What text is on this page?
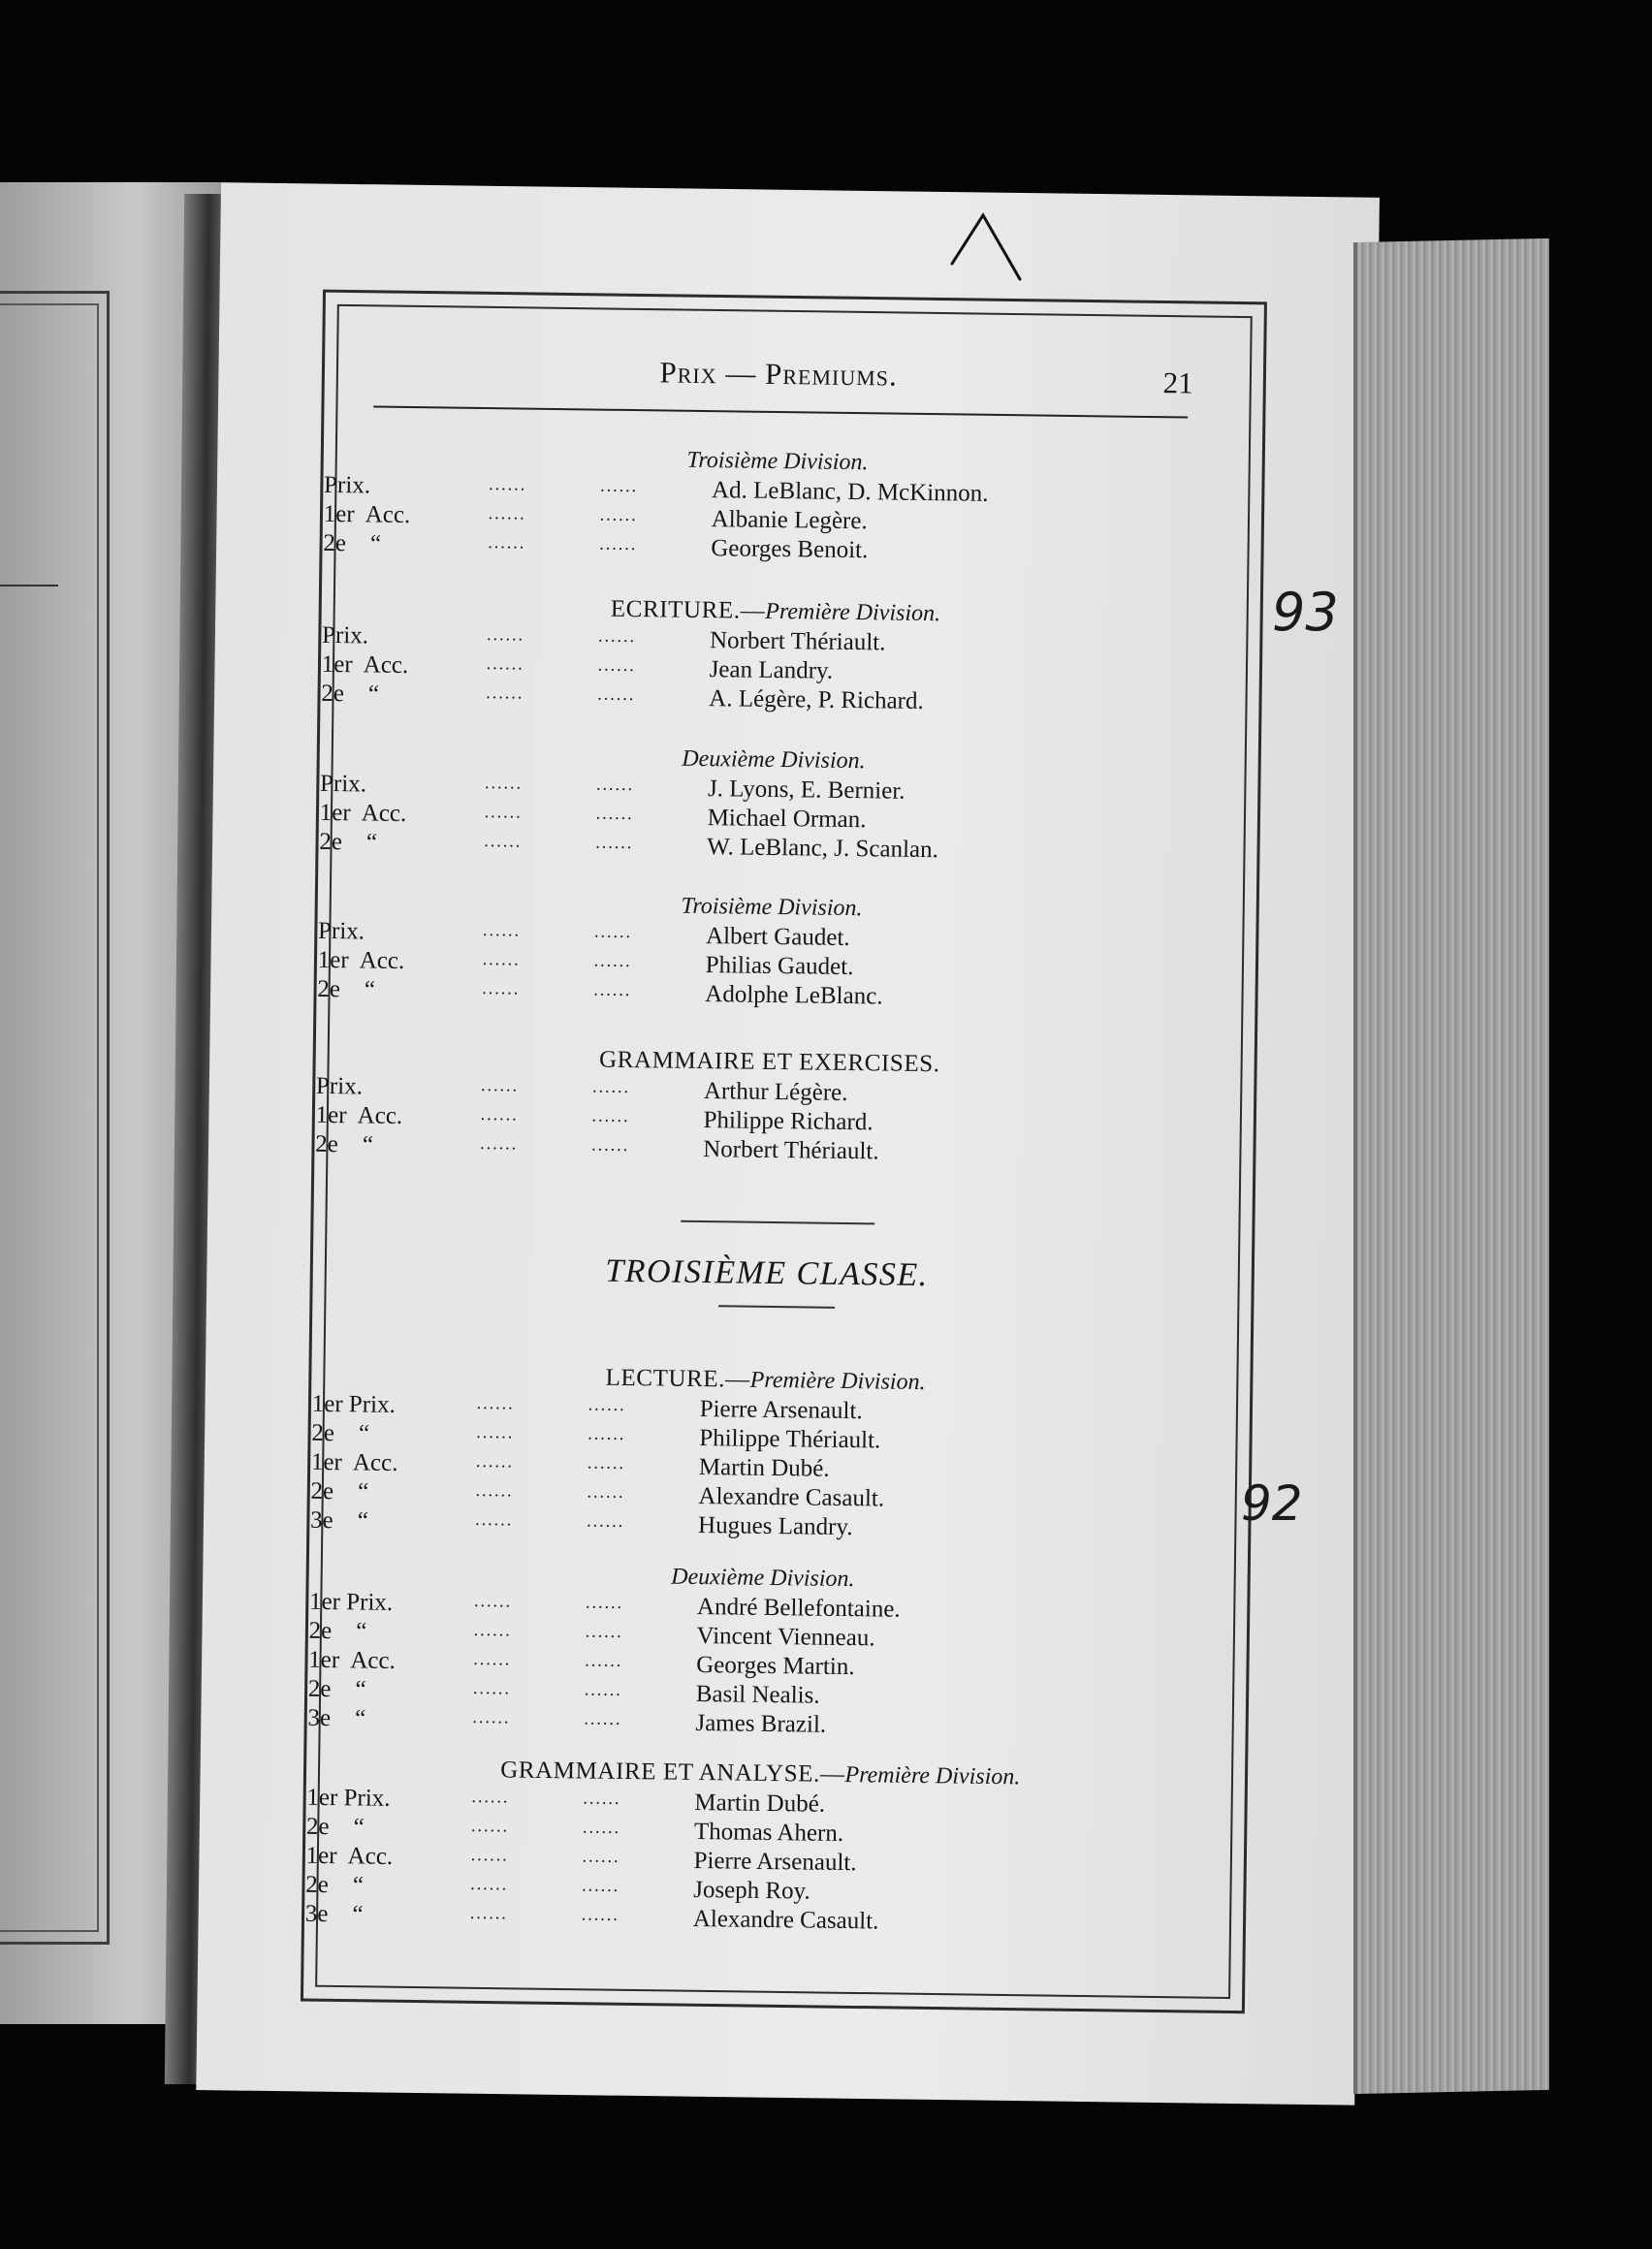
93
92
Prix — Premiums.	21
Troisième Division.
Prix.	......	......	Ad. LeBlanc, D. McKinnon.
1er  Acc.	......	......	Albanie Legère.
2e    “	......	......	Georges Benoit.
ECRITURE.—Première Division.
Prix.	......	......	Norbert Thériault.
1er  Acc.	......	......	Jean Landry.
2e    “	......	......	A. Légère, P. Richard.
Deuxième Division.
Prix.	......	......	J. Lyons, E. Bernier.
1er  Acc.	......	......	Michael Orman.
2e    “	......	......	W. LeBlanc, J. Scanlan.
Troisième Division.
Prix.	......	......	Albert Gaudet.
1er  Acc.	......	......	Philias Gaudet.
2e    “	......	......	Adolphe LeBlanc.
GRAMMAIRE ET EXERCISES.
Prix.	......	......	Arthur Légère.
1er  Acc.	......	......	Philippe Richard.
2e    “	......	......	Norbert Thériault.
TROISIÈME CLASSE.
LECTURE.—Première Division.
1er Prix.	......	......	Pierre Arsenault.
2e    “	......	......	Philippe Thériault.
1er  Acc.	......	......	Martin Dubé.
2e    “	......	......	Alexandre Casault.
3e    “	......	......	Hugues Landry.
Deuxième Division.
1er Prix.	......	......	André Bellefontaine.
2e    “	......	......	Vincent Vienneau.
1er  Acc.	......	......	Georges Martin.
2e    “	......	......	Basil Nealis.
3e    “	......	......	James Brazil.
GRAMMAIRE ET ANALYSE.—Première Division.
1er Prix.	......	......	Martin Dubé.
2e    “	......	......	Thomas Ahern.
1er  Acc.	......	......	Pierre Arsenault.
2e    “	......	......	Joseph Roy.
3e    “	......	......	Alexandre Casault.
